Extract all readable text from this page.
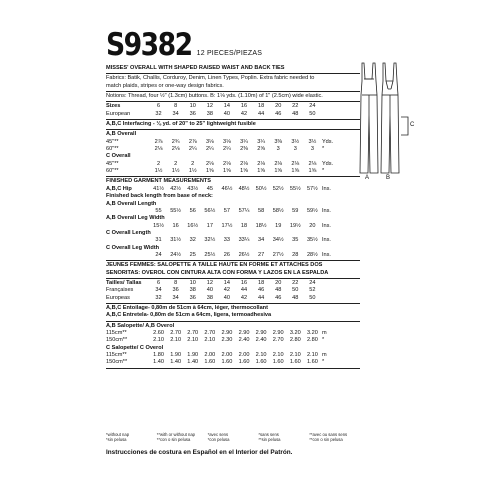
S9382 12 PIECES/PIEZAS
MISSES' OVERALL WITH SHAPED RAISED WAIST AND BACK TIES
Fabrics: Batik, Challis, Corduroy, Denim, Linen Types, Poplin. Extra fabric needed to
match plaids, stripes or one-way design fabrics.
Notions: Thread, four ½" (1.3cm) buttons. B: 1⅛ yds. (1.10m) of 1" (2.5cm) wide elastic.
Sizes	6	8	10	12	14	16	18	20	22	24
European	32	34	36	38	40	42	44	46	48	50
A,B,C Interfacing - ⅛ yd. of 20" to 25" lightweight fusible
A,B Overall
45"**	2⅞	2¾	2⅞	3⅛	3⅛	3¼	3¼	3⅜	3½	3½	Yds.
60"**	2⅛	2⅛	2¼	2¼	2¼	2⅜	2⅝	3	3	3	*
C Overall
45"**	2	2	2	2⅛	2⅛	2⅛	2⅛	2⅛	2⅛	2⅛	Yds.
60"**	1½	1½	1½	1⅝	1⅝	1⅝	1⅝	1⅝	1⅝	1⅝	*
FINISHED GARMENT MEASUREMENTS
A,B,C Hip	41½	42½	43½	45	46½	48½	50½	52½	55½	57½ Ins.
Finished back length from base of neck:
A,B Overall Length
55	55½	56	56½	57	57¼	58	58½	59	59½ Ins.
A,B Overall Leg Width
15½	16	16½	17	17½	18	18½	19	19½	20	Ins.
C Overall Length
31	31½	32	32½	33	33¼	34	34½	35	35½ Ins.
C Overall Leg Width
24	24½	25	25½	26	26½	27	27½	28	28½ Ins.
JEUNES FEMMES: SALOPETTE À TAILLE HAUTE EN FORME ET ATTACHES DOS
SEÑORITAS: OVEROL CON CINTURA ALTA CON FORMA Y LAZOS EN LA ESPALDA
Tailles/ Tallas	6	8	10	12	14	16	18	20	22	24
Françaises	34	36	38	40	42	44	46	48	50	52
Europeas	32	34	36	38	40	42	44	46	48	50
A,B,C Entoilage- 0,80m de 51cm à 64cm, léger, thermocollant
A,B,C Entretela- 0,80m de 51cm a 64cm, ligera, termoadhesiva
A,B Salopette/ A,B Overol
115cm**	2.60	2.70	2.70	2.70	2.90	2.90	2.90	2.90	3.20	3.20 m
150cm**	2.10	2.10	2.10	2.10	2.30	2.40	2.40	2.70	2.80	2.80 *
C Salopette/ C Overol
115cm**	1.80	1.90	1.90	2.00	2.00	2.00	2.10	2.10	2.10	2.10 m
150cm**	1.40	1.40	1.40	1.60	1.60	1.60	1.60	1.60	1.60	1.60 *
*without nap
*sin pelusa
**with or without nap
**con o sin pelusa
*avec sens
*con pelusa
*sans sens
**sin pelusa
**avec ou sans sens
**con o sin pelusa
Instrucciones de costura en Español en el Interior del Patrón.
A	B
C
